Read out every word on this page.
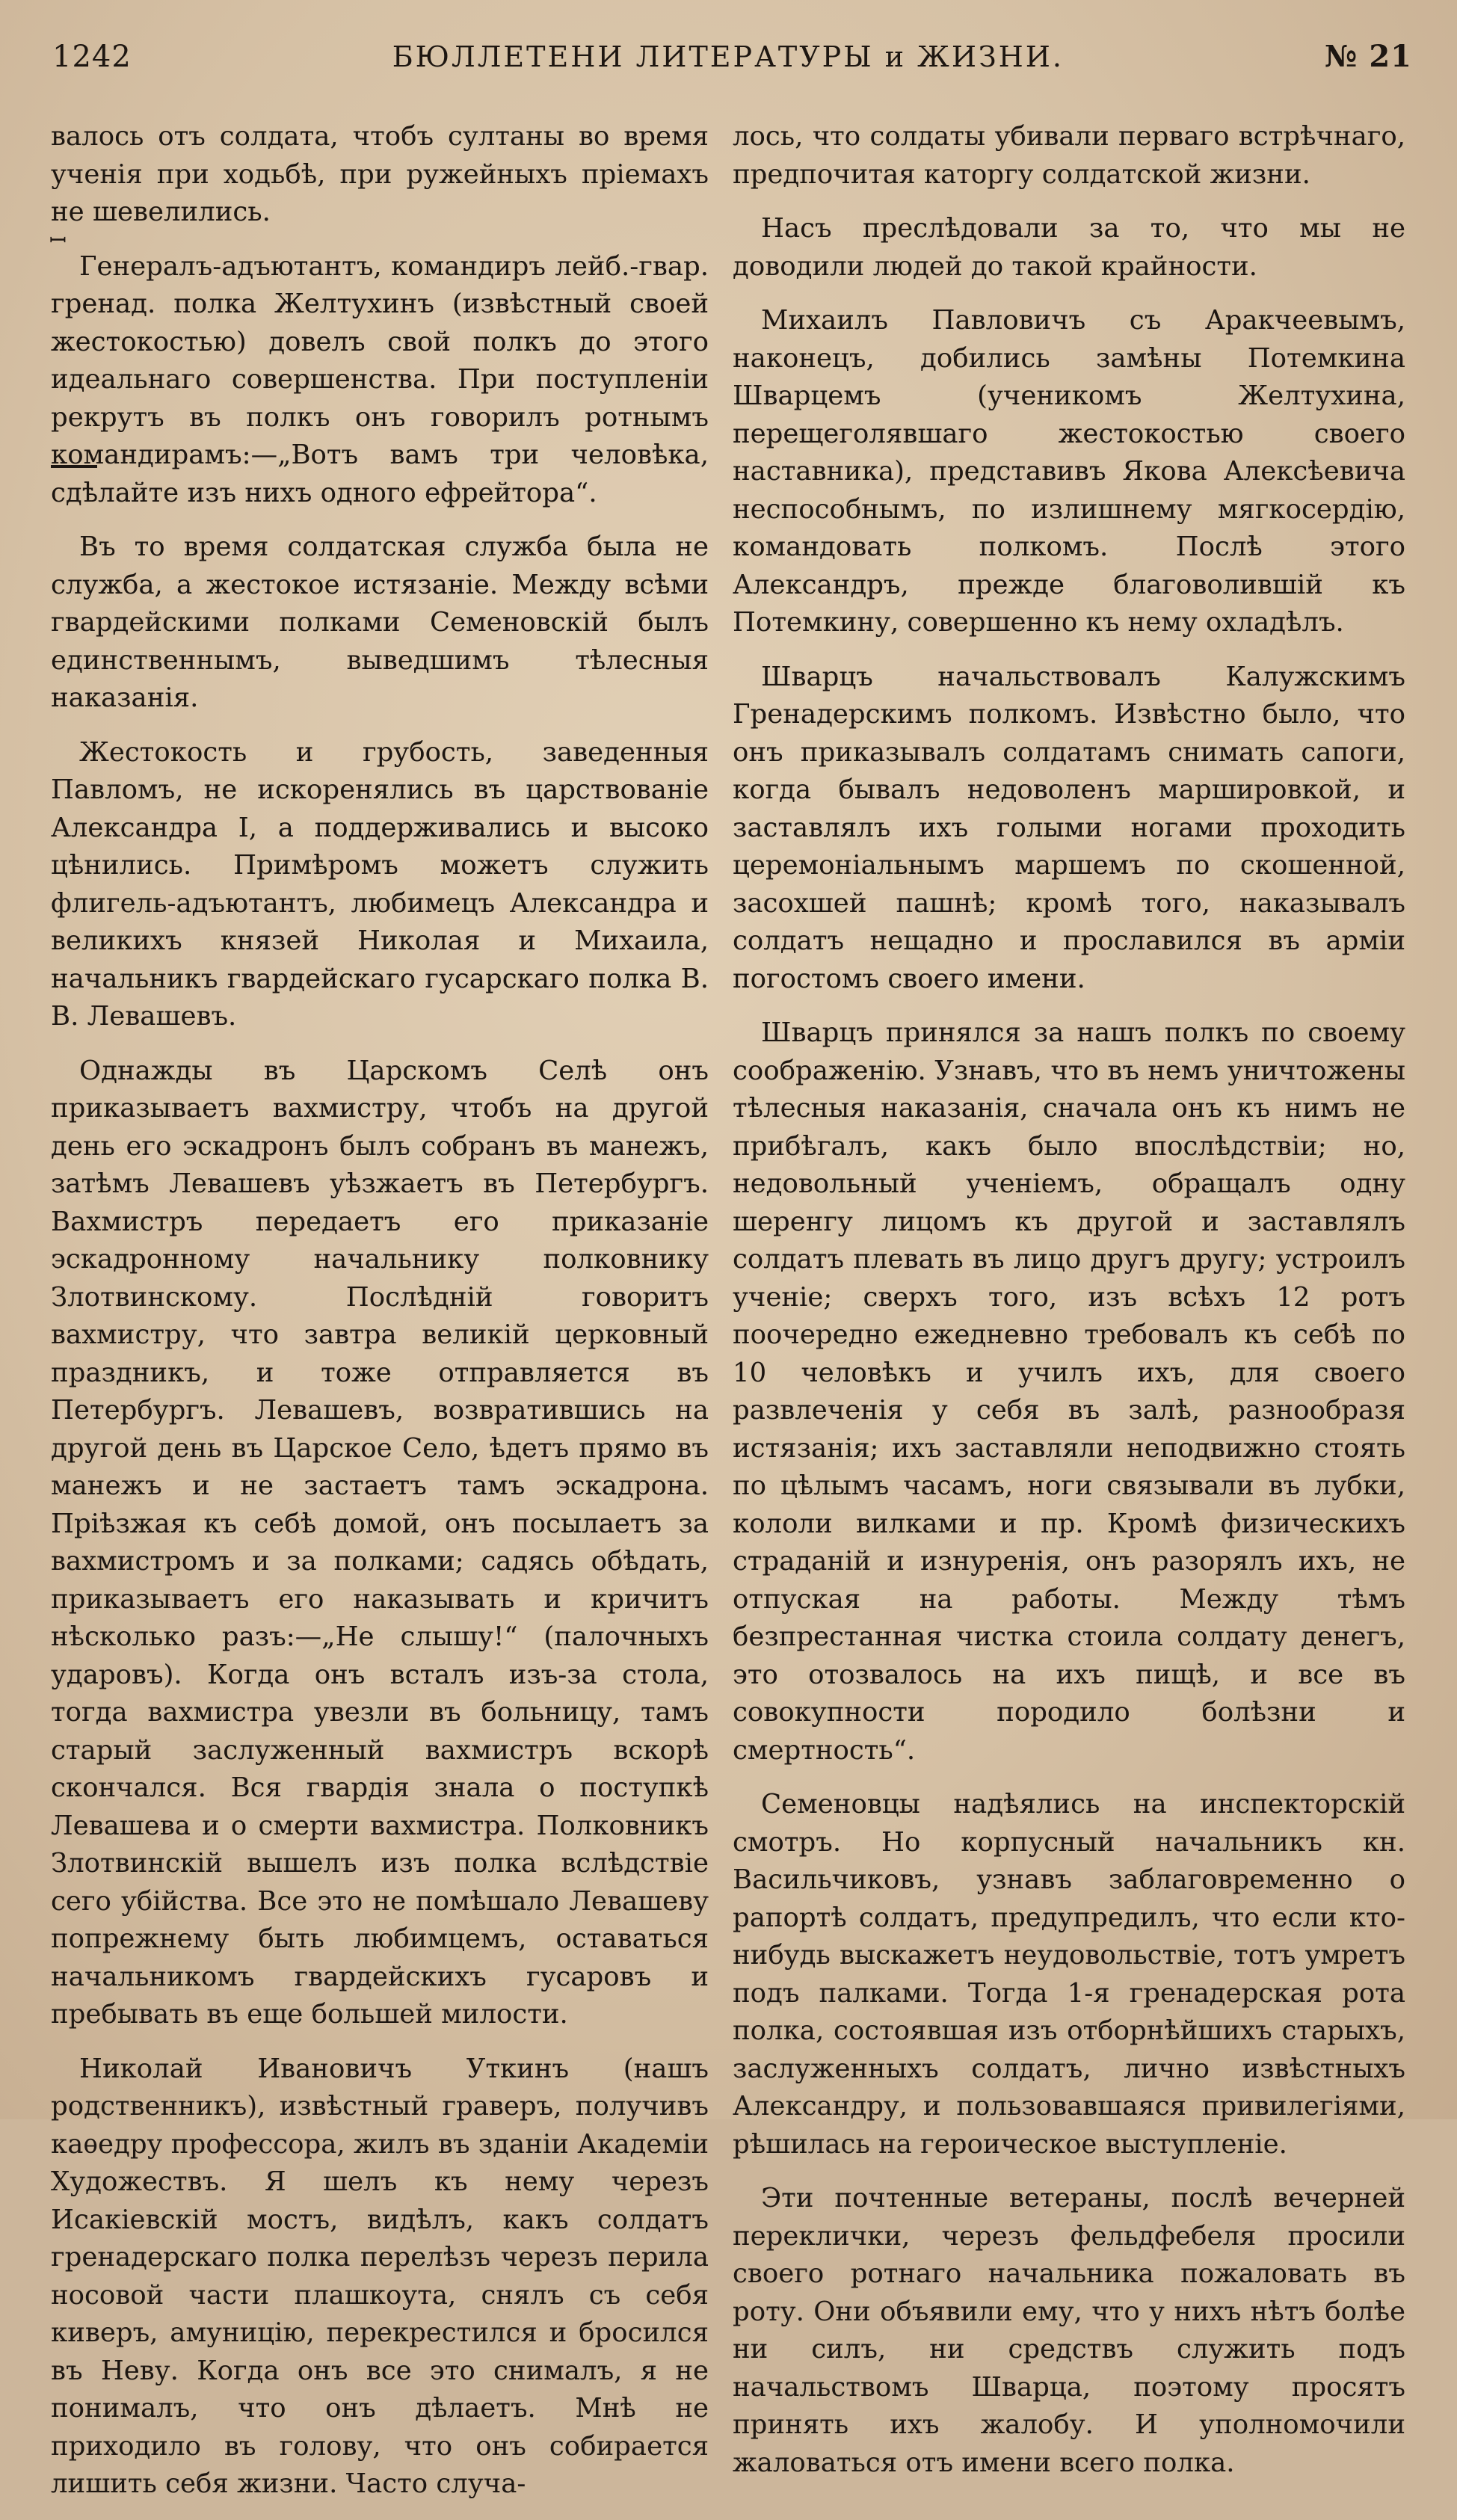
1242	БЮЛЛЕТЕНИ ЛИТЕРАТУРЫ и ЖИЗНИ.	№ 21
ꟷ

валось отъ солдата, чтобъ султаны во время ученія при ходьбѣ, при ружейныхъ пріемахъ не шевелились.

Генералъ-адъютантъ, командиръ лейб.-гвар. гренад. полка Желтухинъ (извѣстный своей жестокостью) довелъ свой полкъ до этого идеальнаго совершенства. При поступленіи рекрутъ въ полкъ онъ говорилъ ротнымъ командирамъ:—„Вотъ вамъ три человѣка, сдѣлайте изъ нихъ одного ефрейтора“.

Въ то время солдатская служба была не служба, а жестокое истязаніе. Между всѣми гвардейскими полками Семеновскій былъ единственнымъ, выведшимъ тѣлесныя наказанія.

Жестокость и грубость, заведенныя Павломъ, не искоренялись въ царствованіе Александра I, а поддерживались и высоко цѣнились. Примѣромъ можетъ служить флигель-адъютантъ, любимецъ Александра и великихъ князей Николая и Михаила, начальникъ гвардейскаго гусарскаго полка В. В. Левашевъ.

Однажды въ Царскомъ Селѣ онъ приказываетъ вахмистру, чтобъ на другой день его эскадронъ былъ собранъ въ манежъ, затѣмъ Левашевъ уѣзжаетъ въ Петербургъ. Вахмистръ передаетъ его приказаніе эскадронному начальнику полковнику Злотвинскому. Послѣдній говоритъ вахмистру, что завтра великій церковный праздникъ, и тоже отправляется въ Петербургъ. Левашевъ, возвратившись на другой день въ Царское Село, ѣдетъ прямо въ манежъ и не застаетъ тамъ эскадрона. Пріѣзжая къ себѣ домой, онъ посылаетъ за вахмистромъ и за полками; садясь обѣдать, приказываетъ его наказывать и кричитъ нѣсколько разъ:—„Не слышу!“ (палочныхъ ударовъ). Когда онъ всталъ изъ-за стола, тогда вахмистра увезли въ больницу, тамъ старый заслуженный вахмистръ вскорѣ скончался. Вся гвардія знала о поступкѣ Левашева и о смерти вахмистра. Полковникъ Злотвинскій вышелъ изъ полка вслѣдствіе сего убійства. Все это не помѣшало Левашеву попрежнему быть любимцемъ, оставаться начальникомъ гвардейскихъ гусаровъ и пребывать въ еще большей милости.

Николай Ивановичъ Уткинъ (нашъ родственникъ), извѣстный граверъ, получивъ каѳедру профессора, жилъ въ зданіи Академіи Художествъ. Я шелъ къ нему черезъ Исакіевскій мостъ, видѣлъ, какъ солдатъ гренадерскаго полка перелѣзъ черезъ перила носовой части плашкоута, снялъ съ себя киверъ, амуницію, перекрестился и бросился въ Неву. Когда онъ все это снималъ, я не понималъ, что онъ дѣлаетъ. Мнѣ не приходило въ голову, что онъ собирается лишить себя жизни. Часто случа-

лось, что солдаты убивали перваго встрѣчнаго, предпочитая каторгу солдатской жизни.

Насъ преслѣдовали за то, что мы не доводили людей до такой крайности.

Михаилъ Павловичъ съ Аракчеевымъ, наконецъ, добились замѣны Потемкина Шварцемъ (ученикомъ Желтухина, перещеголявшаго жестокостью своего наставника), представивъ Якова Алексѣевича неспособнымъ, по излишнему мягкосердію, командовать полкомъ. Послѣ этого Александръ, прежде благоволившій къ Потемкину, совершенно къ нему охладѣлъ.

Шварцъ начальствовалъ Калужскимъ Гренадерскимъ полкомъ. Извѣстно было, что онъ приказывалъ солдатамъ снимать сапоги, когда бывалъ недоволенъ маршировкой, и заставлялъ ихъ голыми ногами проходить церемоніальнымъ маршемъ по скошенной, засохшей пашнѣ; кромѣ того, наказывалъ солдатъ нещадно и прославился въ арміи погостомъ своего имени.

Шварцъ принялся за нашъ полкъ по своему соображенію. Узнавъ, что въ немъ уничтожены тѣлесныя наказанія, сначала онъ къ нимъ не прибѣгалъ, какъ было впослѣдствіи; но, недовольный ученіемъ, обращалъ одну шеренгу лицомъ къ другой и заставлялъ солдатъ плевать въ лицо другъ другу; устроилъ ученіе; сверхъ того, изъ всѣхъ 12 ротъ поочередно ежедневно требовалъ къ себѣ по 10 человѣкъ и училъ ихъ, для своего развлеченія у себя въ залѣ, разнообразя истязанія; ихъ заставляли неподвижно стоять по цѣлымъ часамъ, ноги связывали въ лубки, кололи вилками и пр. Кромѣ физическихъ страданій и изнуренія, онъ разорялъ ихъ, не отпуская на работы. Между тѣмъ безпрестанная чистка стоила солдату денегъ, это отозвалось на ихъ пищѣ, и все въ совокупности породило болѣзни и смертность“.

Семеновцы надѣялись на инспекторскій смотръ. Но корпусный начальникъ кн. Васильчиковъ, узнавъ заблаговременно о рапортѣ солдатъ, предупредилъ, что если кто-нибудь выскажетъ неудовольствіе, тотъ умретъ подъ палками. Тогда 1-я гренадерская рота полка, состоявшая изъ отборнѣйшихъ старыхъ, заслуженныхъ солдатъ, лично извѣстныхъ Александру, и пользовавшаяся привилегіями, рѣшилась на героическое выступленіе.

Эти почтенные ветераны, послѣ вечерней переклички, черезъ фельдфебеля просили своего ротнаго начальника пожаловать въ роту. Они объявили ему, что у нихъ нѣтъ болѣе ни силъ, ни средствъ служить подъ начальствомъ Шварца, поэтому просятъ принять ихъ жалобу. И уполномочили жаловаться отъ имени всего полка.
